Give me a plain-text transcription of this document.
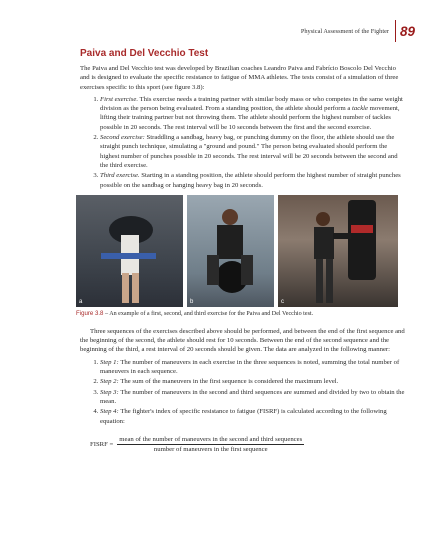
Physical Assessment of the Fighter 89
Paiva and Del Vecchio Test

The Paiva and Del Vecchio test was developed by Brazilian coaches Leandro Paiva and Fabrício Boscolo Del Vecchio and is designed to evaluate the specific resistance to fatigue of MMA athletes. The tests consist of a simulation of three exercises specific to this sport (see figure 3.8):

1. First exercise. This exercise needs a training partner with similar body mass or who competes in the same weight division as the person being evaluated. From a standing position, the athlete should perform a tackle movement, lifting their training partner but not throwing them. The athlete should perform the highest number of tackles possible in 20 seconds. The rest interval will be 10 seconds between the first and the second exercise.
2. Second exercise: Straddling a sandbag, heavy bag, or punching dummy on the floor, the athlete should use the straight punch technique, simulating a "ground and pound." The person being evaluated should perform the highest number of punches possible in 20 seconds. The rest interval will be 20 seconds between the second and the third exercise.
3. Third exercise. Starting in a standing position, the athlete should perform the highest number of straight punches possible on the sandbag or hanging heavy bag in 20 seconds.
a	b	c
Figure 3.8 – An example of a first, second, and third exercise for the Paiva and Del Vecchio test.

Three sequences of the exercises described above should be performed, and between the end of the first sequence and the beginning of the second, the athlete should rest for 10 seconds. Between the end of the second sequence and the beginning of the third, a rest interval of 20 seconds should be given. The data are analyzed in the following manner:

1. Step 1: The number of maneuvers in each exercise in the three sequences is noted, summing the total number of maneuvers in each sequence.
2. Step 2: The sum of the maneuvers in the first sequence is considered the maximum level.
3. Step 3: The number of maneuvers in the second and third sequences are summed and divided by two to obtain the mean.
4. Step 4: The fighter's index of specific resistance to fatigue (FISRF) is calculated according to the following equation:
FISRF =
mean of the number of maneuvers in the second and third sequences
number of maneuvers in the first sequence
